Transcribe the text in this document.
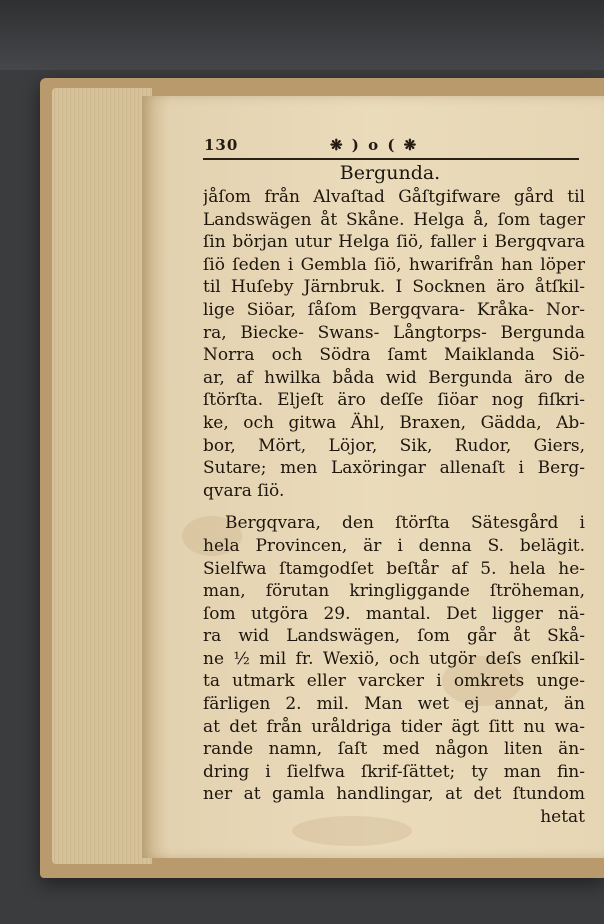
130	❋ ) o ( ❋
Bergunda.
jåſom från Alvaſtad Gåſtgifware gård til
Landswägen åt Skåne. Helga å, ſom tager
ſin början utur Helga ſiö, faller i Bergqvara
ſiö ſeden i Gembla ſiö, hwarifrån han löper
til Huſeby Järnbruk. I Socknen äro åtſkil-
lige Siöar, ſåſom Bergqvara- Kråka- Nor-
ra, Biecke- Swans- Långtorps- Bergunda
Norra och Södra ſamt Maiklanda Siö-
ar, af hwilka båda wid Bergunda äro de
ſtörſta. Eljeſt äro deſſe ſiöar nog fiſkri-
ke, och gitwa Ähl, Braxen, Gädda, Ab-
bor, Mört, Löjor, Sik, Rudor, Giers,
Sutare; men Laxöringar allenaſt i Berg-
qvara ſiö.
Bergqvara, den ſtörſta Sätesgård i
hela Provincen, är i denna S. belägit.
Sielfwa ſtamgodſet beſtår af 5. hela he-
man, förutan kringliggande ſtröheman,
ſom utgöra 29. mantal. Det ligger nä-
ra wid Landswägen, ſom går åt Skå-
ne ½ mil fr. Wexiö, och utgör deſs enſkil-
ta utmark eller varcker i omkrets unge-
färligen 2. mil. Man wet ej annat, än
at det från uråldriga tider ägt ſitt nu wa-
rande namn, ſaſt med någon liten än-
dring i ſielfwa ſkrif-ſättet; ty man fin-
ner at gamla handlingar, at det ſtundom
hetat
